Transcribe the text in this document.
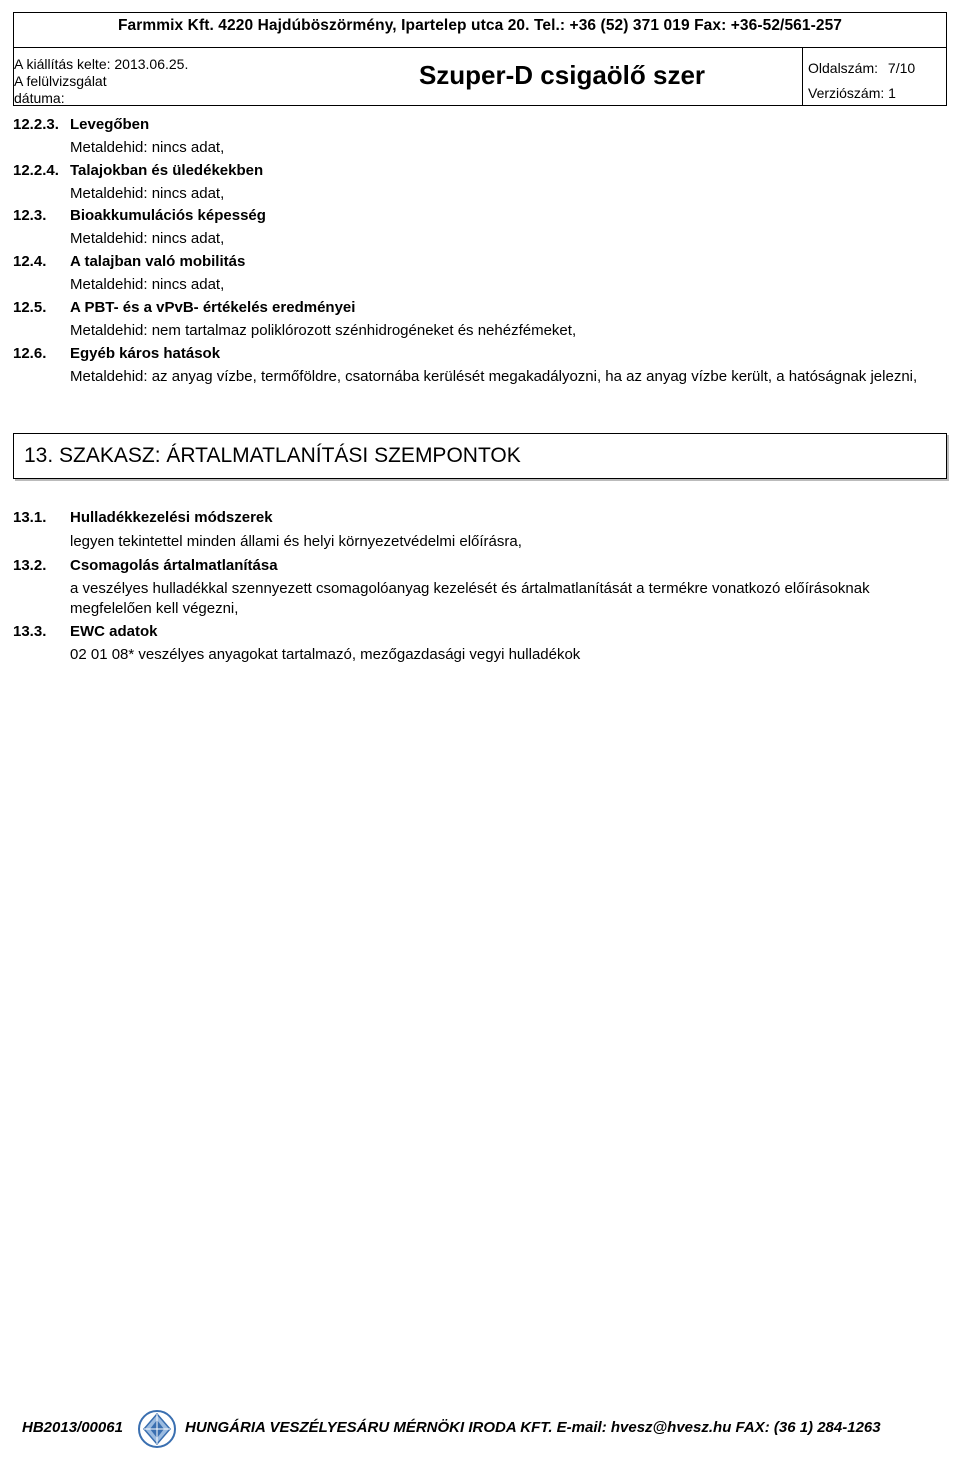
Farmmix Kft. 4220 Hajdúböszörmény, Ipartelep utca 20. Tel.: +36 (52) 371 019 Fax: +36-52/561-257
A kiállítás kelte: 2013.06.25.
A felülvizsgálat
dátuma:
Szuper-D csigaölő szer	Oldalszám: 7/10
Verziószám: 1
12.2.3. Levegőben
Metaldehid: nincs adat,
12.2.4. Talajokban és üledékekben
Metaldehid: nincs adat,
12.3. Bioakkumulációs képesség
Metaldehid: nincs adat,
12.4. A talajban való mobilitás
Metaldehid: nincs adat,
12.5. A PBT- és a vPvB- értékelés eredményei
Metaldehid: nem tartalmaz poliklórozott szénhidrogéneket és nehézfémeket,
12.6. Egyéb káros hatások
Metaldehid: az anyag vízbe, termőföldre, csatornába kerülését megakadályozni, ha az anyag vízbe került, a hatóságnak jelezni,
13. SZAKASZ: ÁRTALMATLANÍTÁSI SZEMPONTOK
13.1. Hulladékkezelési módszerek
legyen tekintettel minden állami és helyi környezetvédelmi előírásra,
13.2. Csomagolás ártalmatlanítása
a veszélyes hulladékkal szennyezett csomagolóanyag kezelését és ártalmatlanítását a termékre vonatkozó előírásoknak megfelelően kell végezni,
13.3. EWC adatok
02 01 08* veszélyes anyagokat tartalmazó, mezőgazdasági vegyi hulladékok
HB2013/00061	HUNGÁRIA VESZÉLYESÁRU MÉRNÖKI IRODA KFT. E-mail: hvesz@hvesz.hu FAX: (36 1) 284-1263
